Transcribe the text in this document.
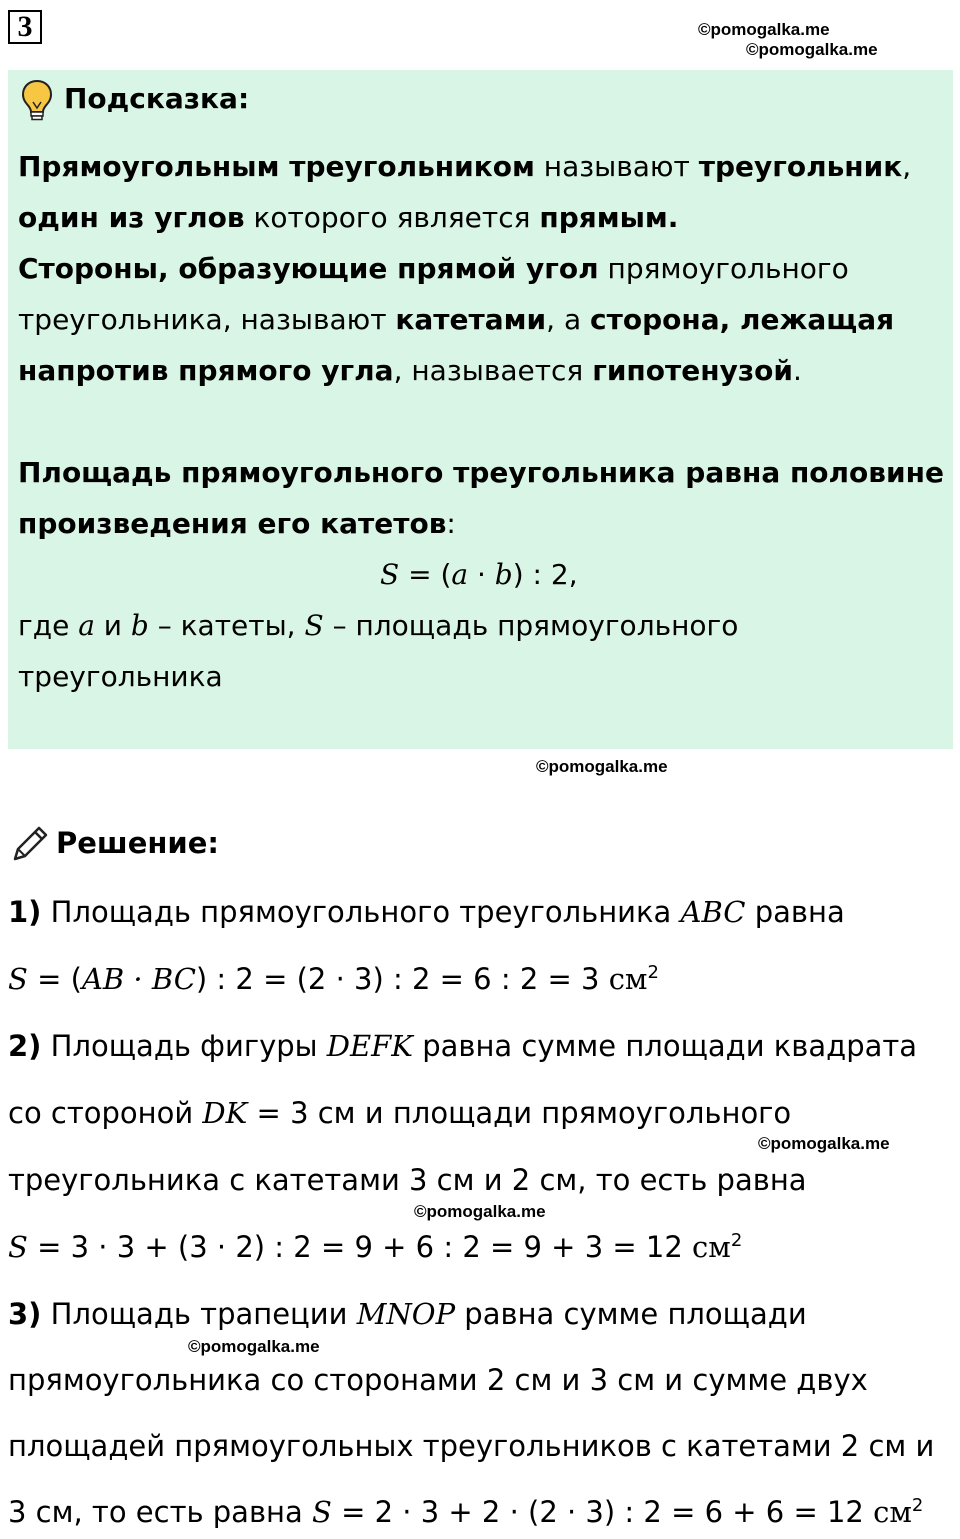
3	©pomogalka.me
©pomogalka.me
Подсказка:
Прямоугольным треугольником называют треугольник,
один из углов которого является прямым.
Стороны, образующие прямой угол прямоугольного
треугольника, называют катетами, а сторона, лежащая
напротив прямого угла, называется гипотенузой.
Площадь прямоугольного треугольника равна половине
произведения его катетов:
S = (a · b) : 2,
где a и b – катеты, S – площадь прямоугольного
треугольника
©pomogalka.me
Решение:
1) Площадь прямоугольного треугольника ABC равна
S = (AB · BC) : 2 = (2 · 3) : 2 = 6 : 2 = 3 $см^2$
2) Площадь фигуры DEFK равна сумме площади квадрата
со стороной DK = 3 см и площади прямоугольного
©pomogalka.me
треугольника с катетами 3 см и 2 см, то есть равна
©pomogalka.me
S = 3 · 3 + (3 · 2) : 2 = 9 + 6 : 2 = 9 + 3 = 12 $см^2$
3) Площадь трапеции MNOP равна сумме площади
©pomogalka.me
прямоугольника со сторонами 2 см и 3 см и сумме двух
площадей прямоугольных треугольников с катетами 2 см и
3 см, то есть равна S = 2 · 3 + 2 · (2 · 3) : 2 = 6 + 6 = 12 $см^2$
